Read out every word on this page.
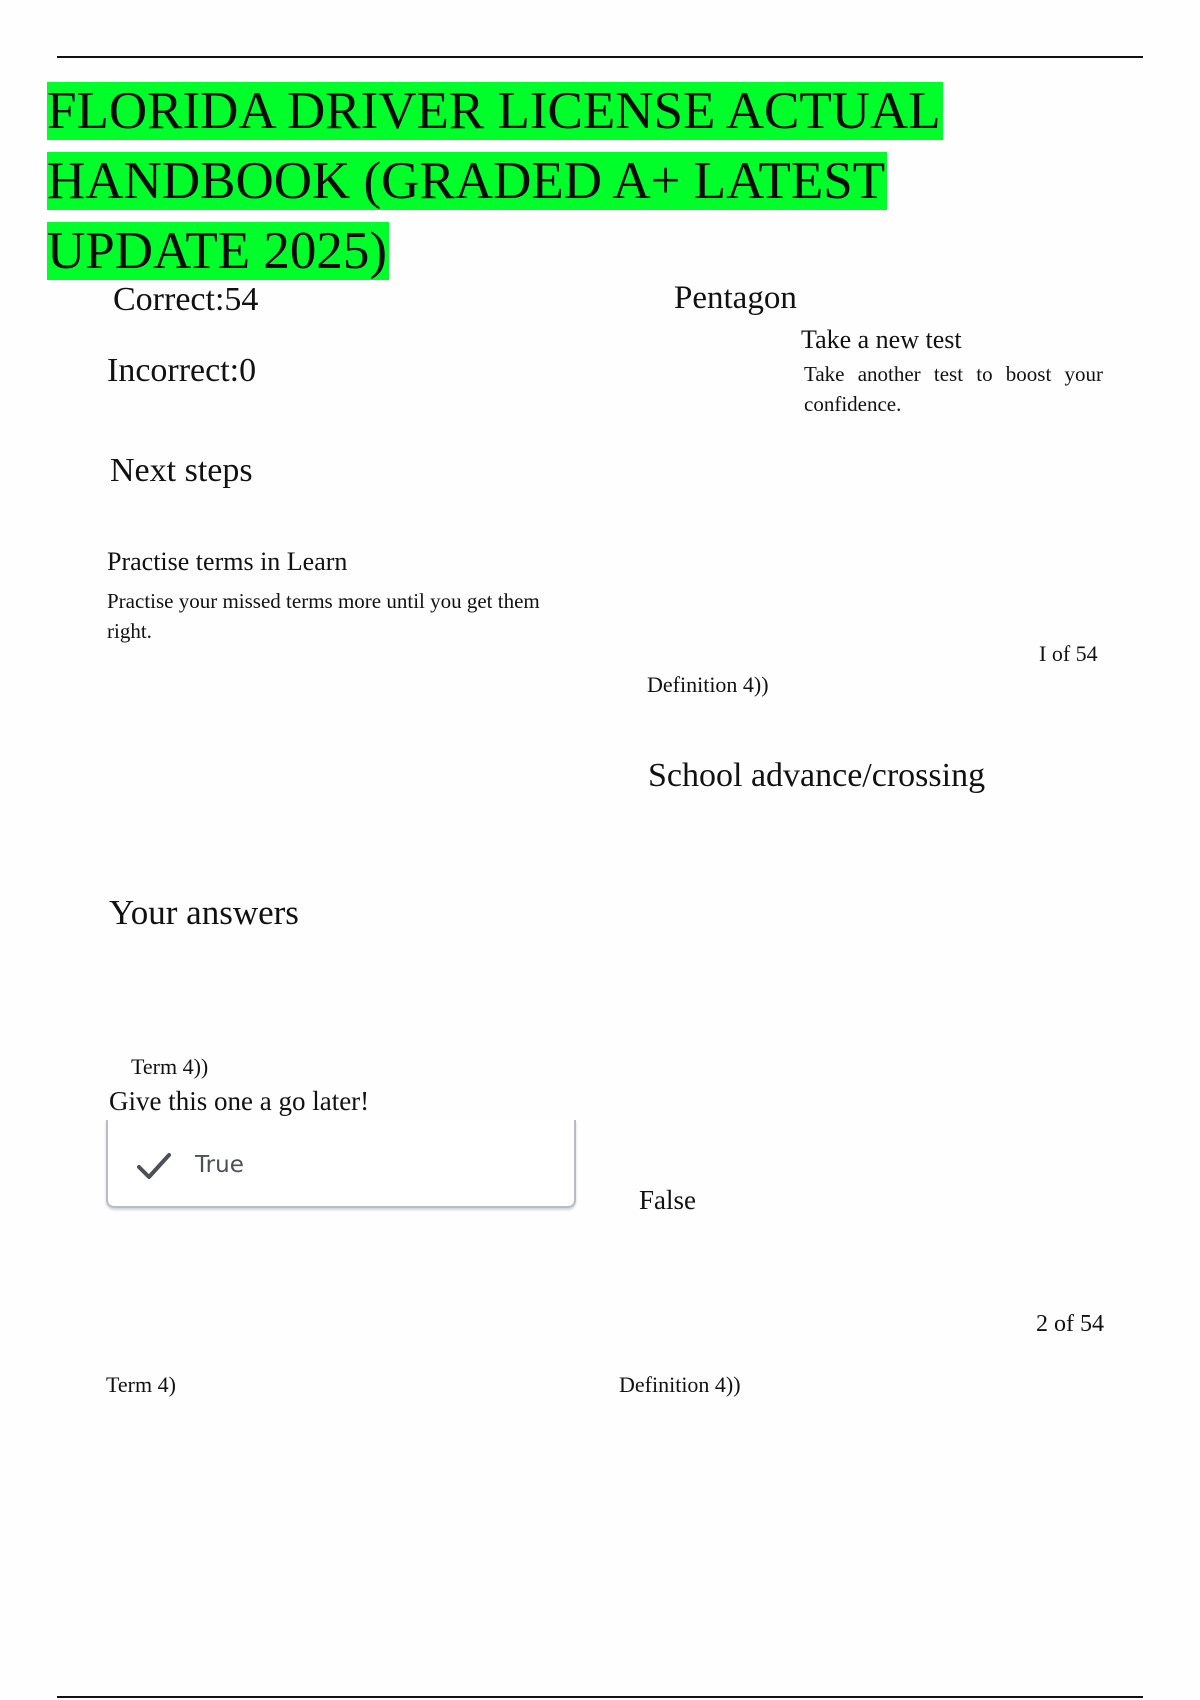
FLORIDA DRIVER LICENSE ACTUAL HANDBOOK (GRADED A+ LATEST UPDATE 2025)
Correct:54
Incorrect:0
Pentagon
Take a new test
Take another test to boost your confidence.
Next steps
Practise terms in Learn
Practise your missed terms more until you get them right.
I of 54
Definition 4))
School advance/crossing
Your answers
Term 4))
Give this one a go later!
True
False
2 of 54
Term 4)	Definition 4))
